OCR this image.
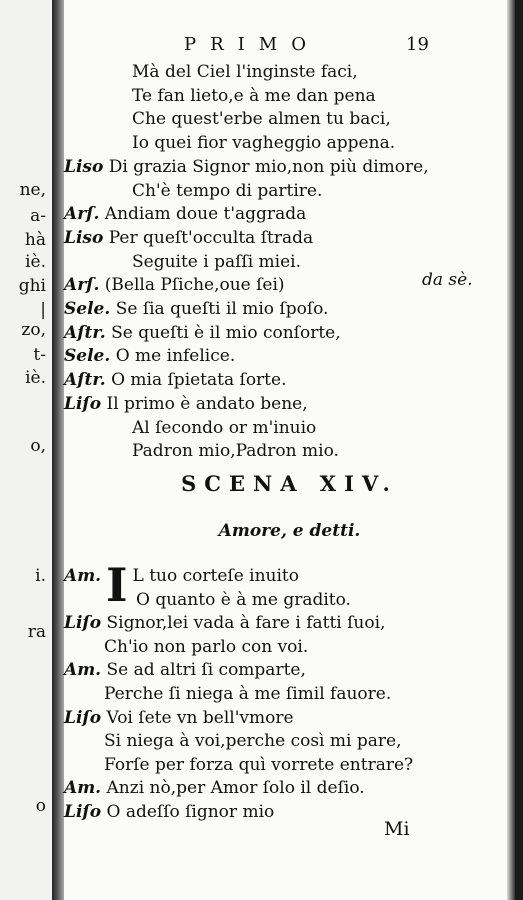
ne,
a-
hà
iè.
ghi
|
zo,
t-
iè.
o,
i.
ra
o
PRIMO	19
Mà del Ciel l'inginste faci,
Te fan lieto,e à me dan pena
Che quest'erbe almen tu baci,
Io quei fior vagheggio appena.
Liso Di grazia Signor mio,non più dimore,
Ch'è tempo di partire.
Arſ. Andiam doue t'aggrada
Liso Per queſt'occulta ſtrada
Seguite i paſſi miei.
Arſ. (Bella Pſiche,oue ſei)
Sele. Se ſia queſti il mio ſpoſo.
Aſtr. Se queſti è il mio conſorte,
Sele. O me infelice.
Aſtr. O mia ſpietata ſorte.
Liſo Il primo è andato bene,
Al ſecondo or m'inuio
Padron mio,Padron mio.
da sè.
SCENA XIV.
Amore, e detti.
I
Am. L tuo corteſe inuito
O quanto è à me gradito.
Liſo Signor,lei vada à fare i fatti ſuoi,
Ch'io non parlo con voi.
Am. Se ad altri ſi comparte,
Perche ſi niega à me ſimil fauore.
Liſo Voi ſete vn bell'vmore
Si niega à voi,perche così mi pare,
Forſe per forza quì vorrete entrare?
Am. Anzi nò,per Amor ſolo il deſio.
Liſo O adeſſo ſignor mio
Mi
